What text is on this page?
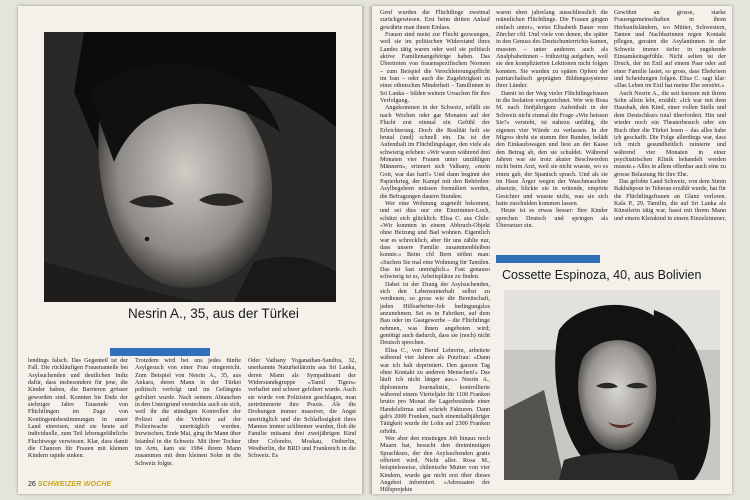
Nesrin A., 35, aus der Türkei

lendings falsch. Das Gegenteil ist der Fall. Die rückläufigen Frauenanteile bei Asylsuchenden und deutlichen Indiz dafür, dass insbesondere für jene, die Kinder haben, die Barrieren grösser geworden sind. Konnten bis Ende der siebziger Jahre Tausende von Flüchtlingen im Zuge von Kontingentsbestimmungen in unser Land einreisen, sind sie heute auf individuelle, zum Teil lebensgefährliche Fluchtwege verwiesen. Klar, dass damit die Chancen für Frauen mit kleinen Kindern rapide sinken.

Trotzdem wird bei uns jedes fünfte Asylgesuch von einer Frau eingereicht. Zum Beispiel von Nesrin A., 35, aus Ankara, deren Mann in der Türkei politisch verfolgt und im Gefängnis gefoltert wurde. Nach seinem Abtauchen in den Untergrund versteckte auch sie sich, weil ihr die ständigen Kontrollen der Polizei und die Verhöre auf der Polizeiwache unerträglich wurden. Inzwischen, Ende Mai, ging ihr Mann über Istanbul in die Schweiz. Mit ihrer Tochter im Arm, kam sie 1984 ihrem Mann zusammen mit dem kleinen Sohn in die Schweiz folgte.

Oder Vathany Yoganathan-Sandira, 32, unerkannte Naturheilärztin aus Sri Lanka, deren Mann als Sympathisant der Widerstandsgruppe «Tamil Tigers» verhaftet und schwer gefoltert wurde. Auch sie wurde von Polizisten geschlagen, man zertrümmerte ihre Praxis. Als die Drohungen immer massiver, die Angst unerträglich und die Schlaflosigkeit ihres Mannes immer schlimmer wurden, floh die Familie mitsamt drei zweijährigen Kind über Colombo, Moskau, Ostberlin, Westberlin, die BRD und Frankreich in die Schweiz. Es

26 SCHWEIZER WOCHE

Genf wurden die Flüchtlinge zweimal zurückgewiesen. Erst beim dritten Anlauf gewährte man ihnen Einlass.

Frauen sind meist zur Flucht gezwungen, weil sie im politischen Widerstand ihres Landes tätig waren oder weil sie politisch aktive Familienangehörige haben. Das Übertreten von frauenspezifischen Normen – zum Beispiel die Verschleierungspflicht im Iran – oder auch die Zugehörigkeit zu einer ethnischen Minderheit – Tamilinnen in Sri Lanka – bilden weitere Ursachen für ihre Verfolgung.

Angekommen in der Schweiz, erfällt sie nach Wochen oder gar Monaten auf der Flucht erst einmal ein Gefühl der Erleichterung. Doch die Realität holt sie brutal (und) schnell ein. Da ist der Aufenthalt im Flüchtlingslager, den viele als schwierig erleben: «Wir waren während drei Monaten vier Frauen unter unzähligen Männern», erinnert sich Valhany, «mein Gott, war das hart!» Und dann beginnt der Papierkrieg, der Kampf mit den Behörden: Asylbegehren müssen formuliert werden, die Befragungen dauern Stunden.

Wer eine Wohnung zugeteilt bekommt, und sei dies nur ein Einzimmer-Loch, schätzt sich glücklich. Elisa C. aus Chile: «Wir konnten in einem Abbruch-Objekt ohne Heizung und Bad wohnen. Eigentlich war es schrecklich, aber für uns zählte nur, dass unsere Familie zusammenbleiben konnte.» Beim cfd Bern stöhnt man: «Suchen Sie mal eine Wohnung für Tamilen. Das ist fast unmöglich.» Fast genauso schwierig ist es, Arbeitsplätze zu finden.

Dabei ist der Drang der Asylsuchenden, sich den Lebensunterhalt selbst zu verdienen, so gross wie die Bereitschaft, jeden Hilfsarbeiter-Job bedingungslos anzunehmen. Sei es in Fabriken, auf dem Bau oder im Gastgewerbe – die Flüchtlinge nehmen, was ihnen angeboten wird; genötigt auch dadurch, dass sie (noch) nicht Deutsch sprechen.

Elisa C., von Beruf Lehrerin, arbeitete während vier Jahren als Putzfrau: «Dann war ich halt deprimiert. Den ganzen Tag ohne Kontakt zu anderen Menschen!» Das läuft ich nicht länger aus.» Nesrin A., diplomierte Journalistin, kontrollierte während einem Vierteljahr für 1100 Franken brutto pro Monat die Lagerbestände einer Handelsfirma und schrieb Fakturen. Dann gab's 2000 Franken, nach einemhalbjähriger Tätigkeit wurde ihr Lohn auf 2300 Franken erhöht.

Wer aber den einstiegen Job hinaus noch Muarn hat, besucht den dreiminutigen Sprachkurs, der den Asylsuchenden gratis offeriert wird. Nicht aller. Rosa M., beispielsweise, chilenische Mutter von vier Kindern, wurde gar nicht erst über dieses Angebot informiert. «Adressaten der Hilfsprojekte

waren eben jahrelang ausschliesslich die männlichen Flüchtlinge. Die Frauen gingen einfach unter», weiss Elisabeth Bauer vom Zürcher cfd. Und viele von denen, die später in den Genuss des Deutschunterrichts kamen, mussten – unter anderem auch als Analphabetinnen – frühzeitig aufgeben, weil sie den komplizierten Lektionen nicht folgen konnten. Sie wurden zu späten Opfern der patriarchalisch geprägten Bildungssysteme ihrer Länder.

Damit ist der Weg vieler Flüchtlingsfrauen in die Isolation vorgezeichnet. Wer wie Rosa M. nach fünfjährigem Aufenthalt in der Schweiz nicht einmal die Frage «Wie heissen Sie?» versteht, ist nahezu unfähig, die eigenen vier Wände zu verlassen. In der Migros dreht sie stumm ihre Runden, belädt den Einkaufswagen und liest an der Kasse den Betrag ab, den sie schuldet. Während Jahren war sie trotz akuter Beschwerden nicht beim Arzt, weil sie nicht wusste, wo es einen gab, der Spanisch sprach. Und als sie im Haus Ärger wegen der Waschmaschine absetzte, blickte sie in wütende, empörte Gesichter und wusste nicht, was sie sich hatte zuschulden kommen lassen.

Heute ist es etwas besser: Ihre Kinder sprechen Deutsch und springen als Übersetzer ein.

Gewöhnt an grosse, starke Frauengemeinschaften in ihren Herkunftsländern, wo Mütter, Schwestern, Tanten und Nachbarinnen regen Kontakt pflegen, geraten die Asylantinnen in der Schweiz immer tiefer in zugehende Einsamkeitsgefühle. Nicht selten ist der Druck, der im Exil auf einem Paar oder auf einer Familie lastet, so gross, dass Ehekrisen und Scheidungen folgen. Elisa C. sagt klar: «Das Leben im Exil hat meine Ehe zerstört.»

Auch Nesrin A., die seit kurzem mit ihrem Sohn allein lebt, erzählt: «Ich war mit dem Haushalt, den Kind, einer vollen Stelle und dem Deutschkurs total überfordert. Hin und wieder noch ein Theaterbesuch oder ein Buch über die Türkei lesen – das alles habe ich geschafft. Die Folge allerdings war, dass ich mich gesundheitlich ruinierte und während vier Monaten in einer psychiatrischen Klinik behandelt werden musste.» Alles in allem offenbar auch eine zu grosse Belastung für ihre Ehe.

Das gelobte Land Schweiz, von dem Simin Bakhshpour in Teheran erzählt wurde, hat für die Flüchtlingsfrauen an Glanz verloren. Kala P., 29, Tamilin, die auf Sri Lanka als Künstlerin tätig war, hasst mit ihrem Mann und einem Kleinkind in einem Einzelzimmer,

Cossette Espinoza, 40, aus Bolivien
